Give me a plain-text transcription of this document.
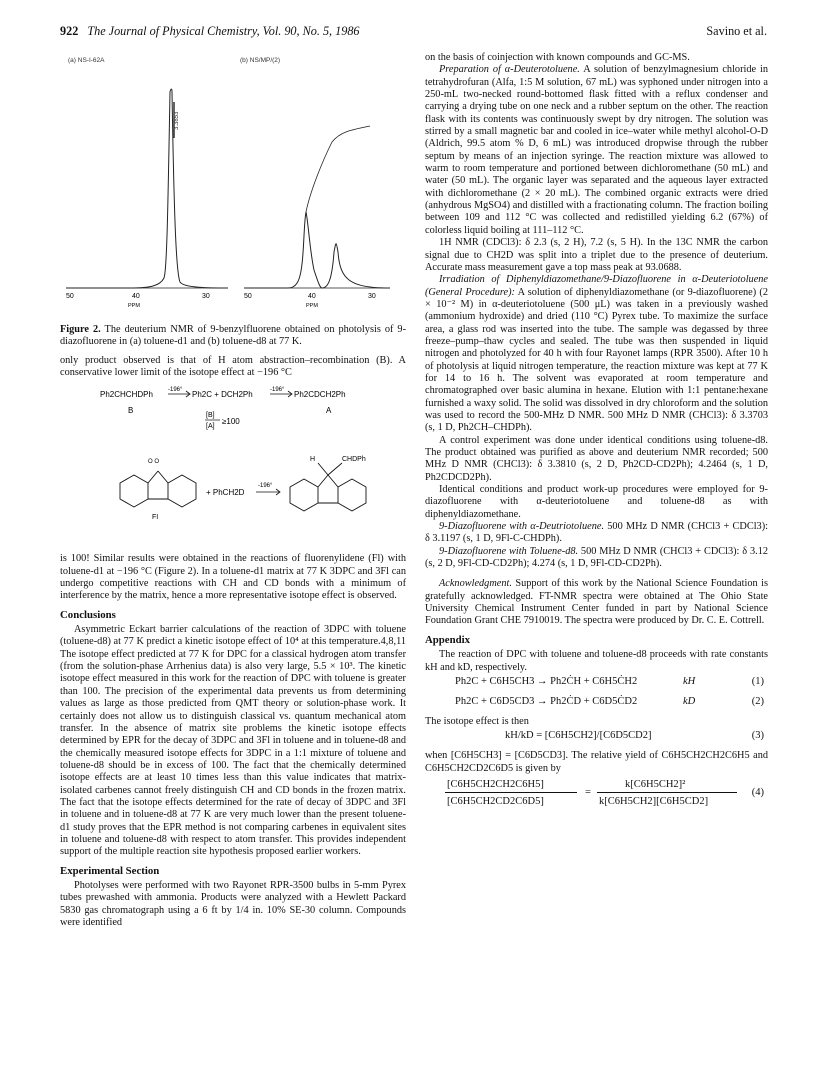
922 The Journal of Physical Chemistry, Vol. 90, No. 5, 1986	Savino et al.
(a) NS-I-62A	(b) NS/MP/(2)
3.3853
50	40	30
PPM
50	40	30
PPM

Figure 2. The deuterium NMR of 9-benzylfluorene obtained on photolysis of 9-diazofluorene in (a) toluene-d1 and (b) toluene-d8 at 77 K.

only product observed is that of H atom abstraction–recombination (B). A conservative lower limit of the isotope effect at −196 °C

Ph2CHCHDPh	-196° Ph2C + DCH2Ph	-196° Ph2CDCH2Ph
B	A
[B]
[A]
≥100
O O
FI
+ PhCH2D
-196°
H	CHDPh

is 100! Similar results were obtained in the reactions of fluorenylidene (Fl) with toluene-d1 at −196 °C (Figure 2). In a toluene-d1 matrix at 77 K 3DPC and 3Fl can undergo competitive reactions with CH and CD bonds with a minimum of interference by the matrix, hence a more representative isotope effect is observed.

Conclusions

Asymmetric Eckart barrier calculations of the reaction of 3DPC with toluene (toluene-d8) at 77 K predict a kinetic isotope effect of 10⁴ at this temperature.4,8,11 The isotope effect predicted at 77 K for DPC for a classical hydrogen atom transfer (from the solution-phase Arrhenius data) is also very large, 5.5 × 10³. The kinetic isotope effect measured in this work for the reaction of DPC with toluene is greater than 100. The precision of the experimental data prevents us from determining values as large as those predicted from QMT theory or solution-phase work. It certainly does not allow us to distinguish classical vs. quantum mechanical atom transfer. In the absence of matrix site problems the kinetic isotope effects determined by EPR for the decay of 3DPC and 3Fl in toluene and in toluene-d8 and the chemically measured isotope effects for 3DPC in a 1:1 mixture of toluene and toluene-d8 should be in excess of 100. The fact that the chemically determined isotope effects are at least 10 times less than this value indicates that matrix-isolated carbenes cannot freely distinguish CH and CD bonds in the frozen matrix. The fact that the isotope effects determined for the rate of decay of 3DPC and 3Fl in toluene and in toluene-d8 at 77 K are very much lower than the present toluene-d1 study proves that the EPR method is not comparing carbenes in equivalent sites in toluene and toluene-d8 with respect to atom transfer. This provides independent support of the multiple reaction site hypothesis proposed earlier workers.

Experimental Section

Photolyses were performed with two Rayonet RPR-3500 bulbs in 5-mm Pyrex tubes prewashed with ammonia. Products were analyzed with a Hewlett Packard 5830 gas chromatograph using a 6 ft by 1/4 in. 10% SE-30 column. Compounds were identified

on the basis of coinjection with known compounds and GC-MS.

Preparation of α-Deuterotoluene. A solution of benzylmagnesium chloride in tetrahydrofuran (Alfa, 1:5 M solution, 67 mL) was syphoned under nitrogen into a 250-mL two-necked round-bottomed flask fitted with a reflux condenser and carrying a drying tube on one neck and a rubber septum on the other. The reaction flask with its contents was continuously swept by dry nitrogen. The solution was stirred by a small magnetic bar and cooled in ice–water while methyl alcohol-O-D (Aldrich, 99.5 atom % D, 6 mL) was introduced dropwise through the rubber septum by means of an injection syringe. The reaction mixture was allowed to warm to room temperature and portioned between dichloromethane (50 mL) and water (50 mL). The organic layer was separated and the aqueous layer extracted with dichloromethane (2 × 20 mL). The combined organic extracts were dried (anhydrous MgSO4) and distilled with a fractionating column. The fraction boiling between 109 and 112 °C was collected and redistilled yielding 6.2 (67%) of colorless liquid boiling at 111–112 °C.

1H NMR (CDCl3): δ 2.3 (s, 2 H), 7.2 (s, 5 H). In the 13C NMR the carbon signal due to CH2D was split into a triplet due to the presence of deuterium. Accurate mass measurement gave a top mass peak at 93.0688.

Irradiation of Diphenyldiazomethane/9-Diazofluorene in α-Deuteriotoluene (General Procedure): A solution of diphenyldiazomethane (or 9-diazofluorene) (2 × 10⁻² M) in α-deuteriotoluene (500 μL) was taken in a previously washed (ammonium hydroxide) and dried (110 °C) Pyrex tube. To maximize the surface area, a glass rod was inserted into the tube. The sample was degassed by three freeze–pump–thaw cycles and sealed. The tube was then suspended in liquid nitrogen and photolyzed for 40 h with four Rayonet lamps (RPR 3500). After 10 h of photolysis at liquid nitrogen temperature, the reaction mixture was kept at 77 K for 14 to 16 h. The solvent was evaporated at room temperature and chromatographed over basic alumina in hexane. Elution with 1:1 pentane:hexane furnished a waxy solid. The solid was dissolved in dry chloroform and the solution was used to record the 500-MHz D NMR. 500 MHz D NMR (CHCl3): δ 3.3703 (s, 1 D, Ph2CH–CHDPh).

A control experiment was done under identical conditions using toluene-d8. The product obtained was purified as above and deuterium NMR recorded; 500 MHz D NMR (CHCl3): δ 3.3810 (s, 2 D, Ph2CD-CD2Ph); 4.2464 (s, 1 D, Ph2CDCD2Ph).

Identical conditions and product work-up procedures were employed for 9-diazofluorene with α-deuteriotoluene and toluene-d8 as with diphenyldiazomethane.

9-Diazofluorene with α-Deutriotoluene. 500 MHz D NMR (CHCl3 + CDCl3): δ 3.1197 (s, 1 D, 9Fl-C-CHDPh).

9-Diazofluorene with Toluene-d8. 500 MHz D NMR (CHCl3 + CDCl3): δ 3.12 (s, 2 D, 9Fl-CD-CD2Ph); 4.274 (s, 1 D, 9Fl-CD-CD2Ph).

Acknowledgment. Support of this work by the National Science Foundation is gratefully acknowledged. FT-NMR spectra were obtained at The Ohio State University Chemical Instrument Center funded in part by National Science Foundation Grant CHE 7910019. The spectra were produced by Dr. C. E. Cottrell.

Appendix

The reaction of DPC with toluene and toluene-d8 proceeds with rate constants kH and kD, respectively.

Ph2C + C6H5CH3 → Ph2ĊH + C6H5ĊH2	kH	(1)
Ph2C + C6D5CD3 → Ph2ĊD + C6D5ĊD2	kD	(2)

The isotope effect is then

kH/kD = [C6H5CH2]/[C6D5CD2]	(3)

when [C6H5CH3] = [C6D5CD3]. The relative yield of C6H5CH2CH2C6H5 and C6H5CH2CD2C6D5 is given by

[C6H5CH2CH2C6H5]
[C6H5CH2CD2C6D5]
=
k[C6H5CH2]²
k[C6H5CH2][C6H5CD2]
(4)
